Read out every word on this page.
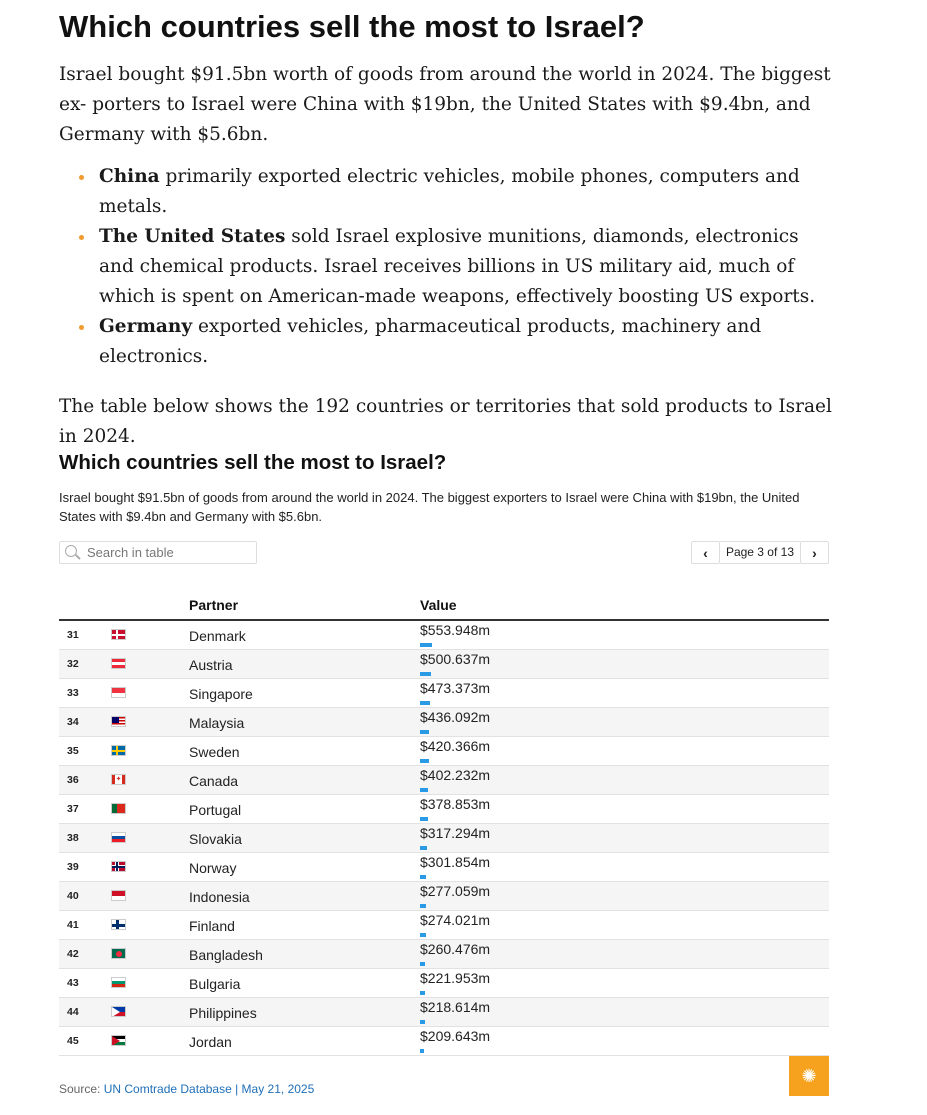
Which countries sell the most to Israel?

Israel bought $91.5bn worth of goods from around the world in 2024. The biggest ex- porters to Israel were China with $19bn, the United States with $9.4bn, and Germany with $5.6bn.

China primarily exported electric vehicles, mobile phones, computers and metals.
The United States sold Israel explosive munitions, diamonds, electronics and chemical products. Israel receives billions in US military aid, much of which is spent on American-made weapons, effectively boosting US exports.
Germany exported vehicles, pharmaceutical products, machinery and electronics.

The table below shows the 192 countries or territories that sold products to Israel in 2024.

Which countries sell the most to Israel?
Israel bought $91.5bn of goods from around the world in 2024. The biggest exporters to Israel were China with $19bn, the United States with $9.4bn and Germany with $5.6bn.
Search in table	‹	Page 3 of 13	›
Partner	Value
31	Denmark	$553.948m
32	Austria	$500.637m
33	Singapore	$473.373m
34	Malaysia	$436.092m
35	Sweden	$420.366m
36	✦	Canada	$402.232m
37	Portugal	$378.853m
38	Slovakia	$317.294m
39	Norway	$301.854m
40	Indonesia	$277.059m
41	Finland	$274.021m
42	Bangladesh	$260.476m
43	Bulgaria	$221.953m
44	Philippines	$218.614m
45	Jordan	$209.643m
Source: UN Comtrade Database | May 21, 2025
✺
